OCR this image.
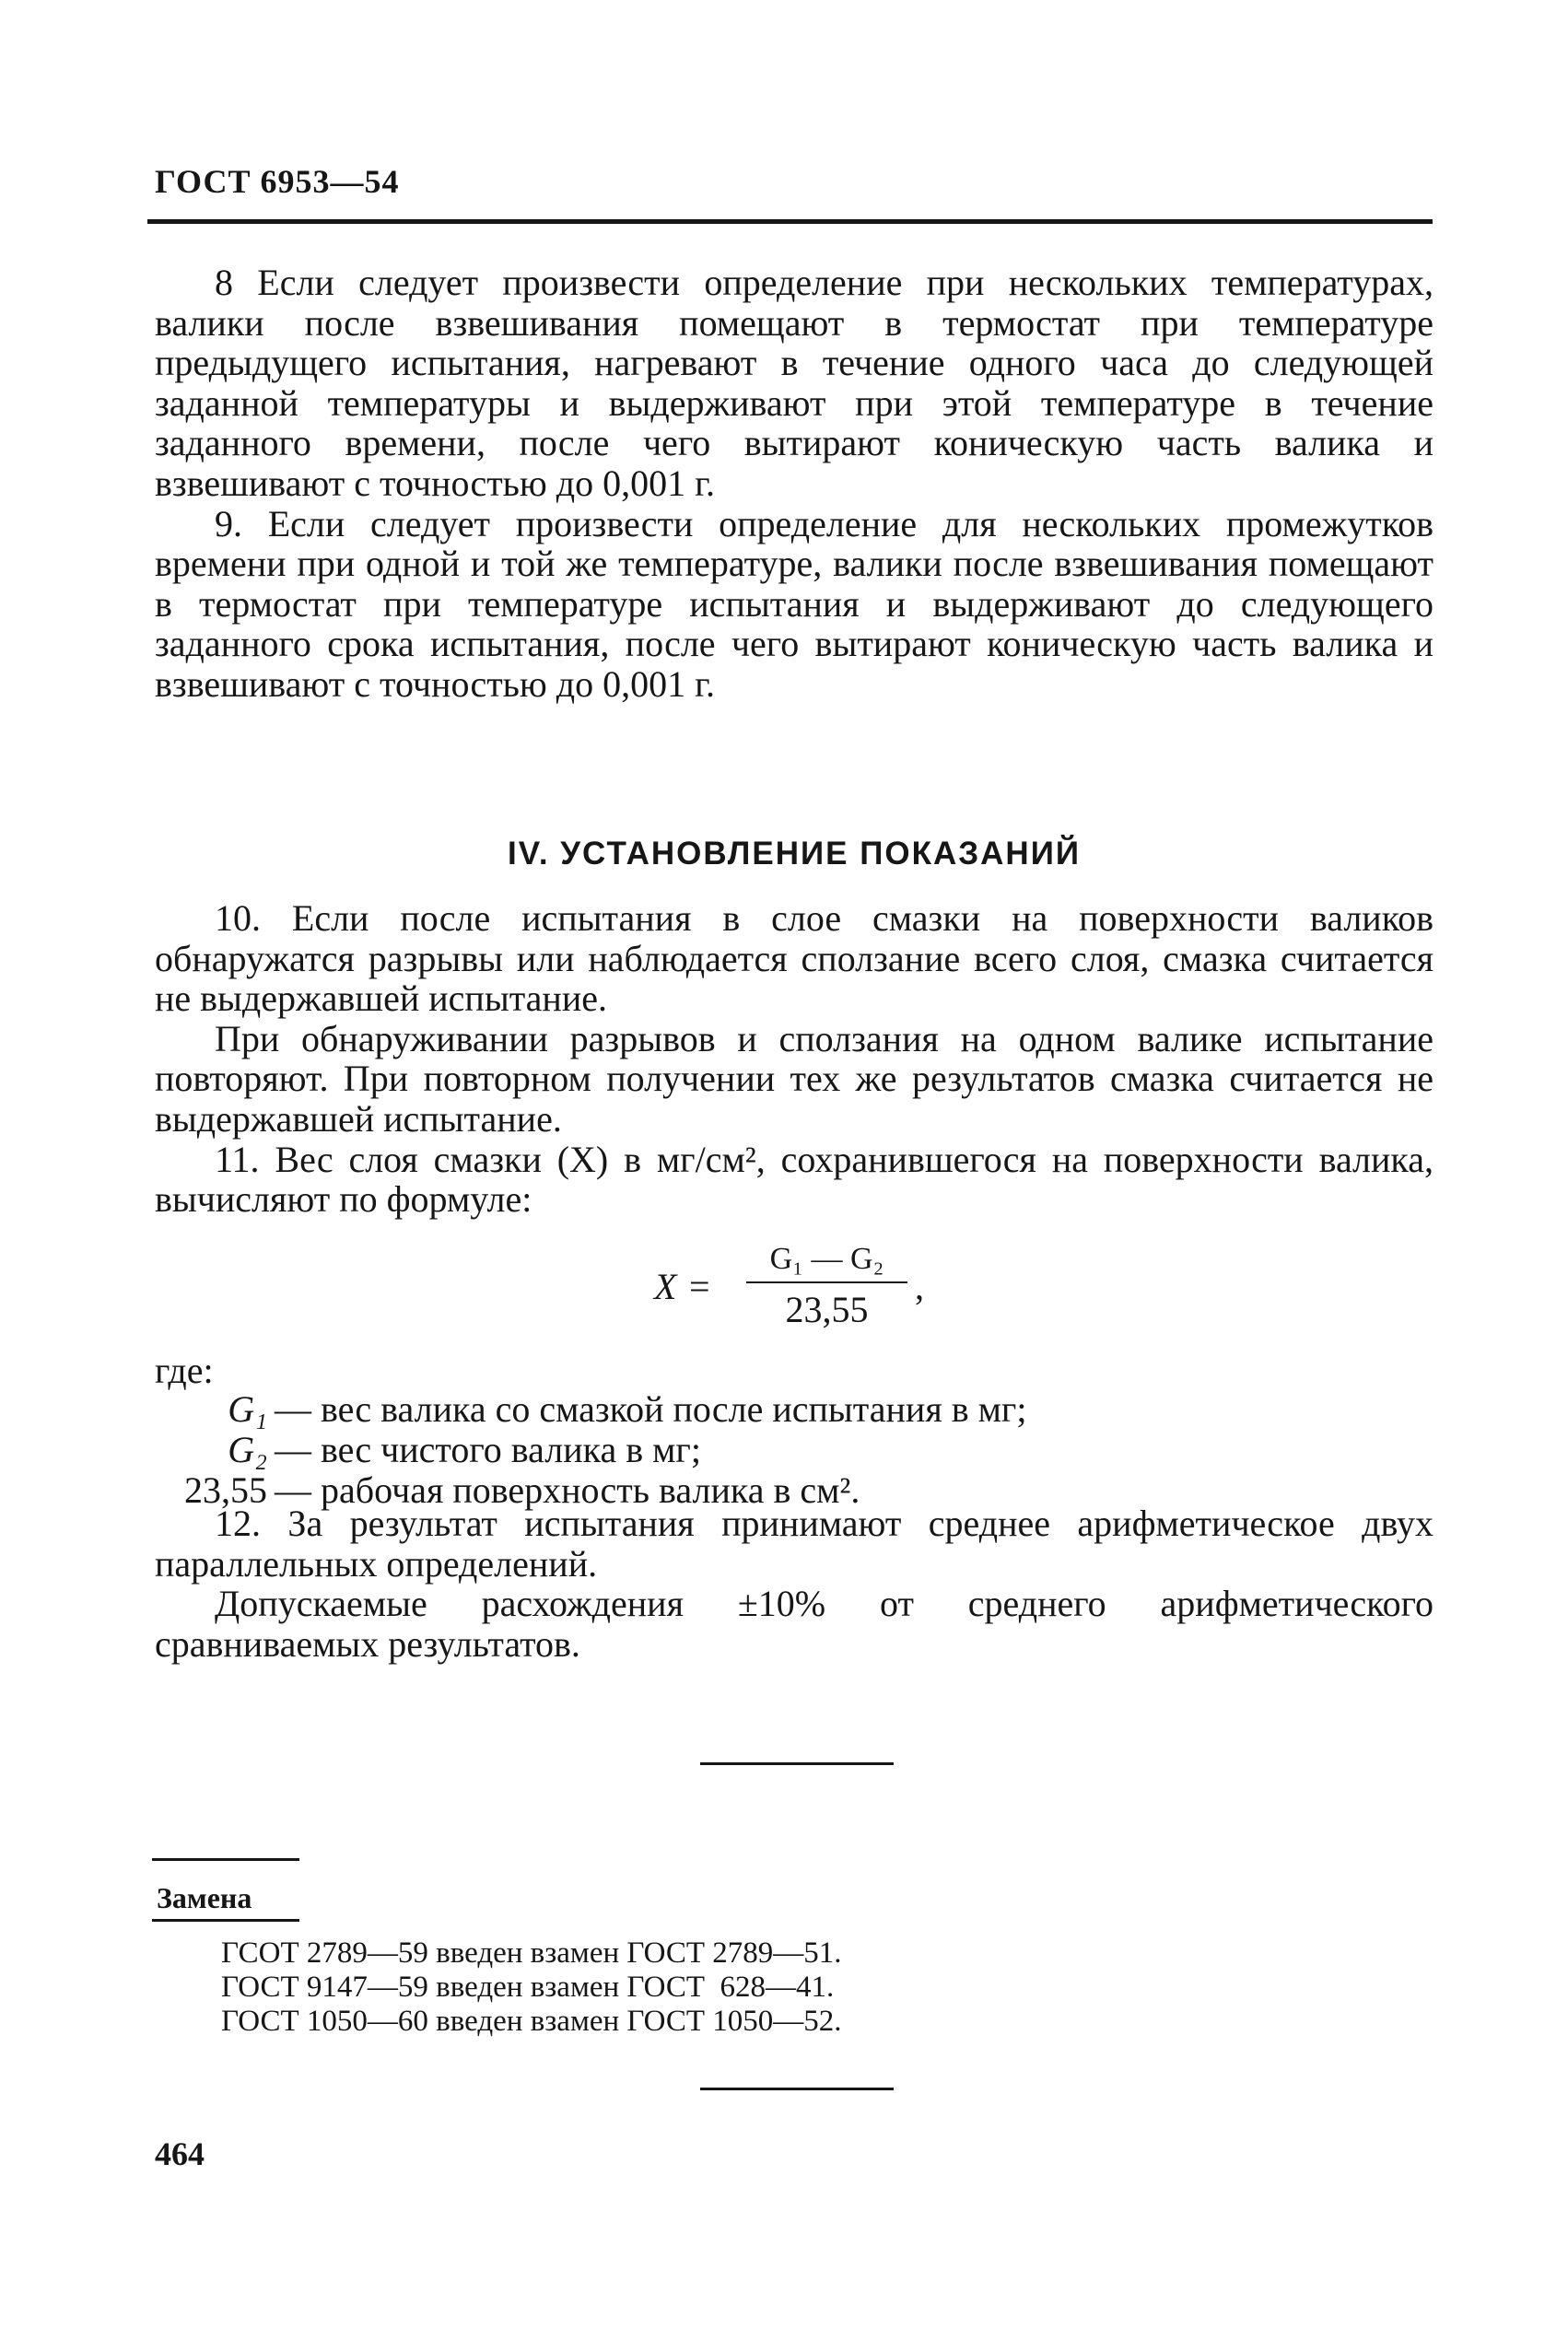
ГОСТ 6953—54

8 Если следует произвести определение при нескольких температурах, валики после взвешивания помещают в термостат при температуре предыдущего испытания, нагревают в течение одного часа до следующей заданной температуры и выдерживают при этой температуре в течение заданного времени, после чего вытирают коническую часть валика и взвешивают с точностью до 0,001 г.

9. Если следует произвести определение для нескольких промежутков времени при одной и той же температуре, валики после взвешивания помещают в термостат при температуре испытания и выдерживают до следующего заданного срока испытания, после чего вытирают коническую часть валика и взвешивают с точностью до 0,001 г.

IV. УСТАНОВЛЕНИЕ ПОКАЗАНИЙ

10. Если после испытания в слое смазки на поверхности валиков обнаружатся разрывы или наблюдается сползание всего слоя, смазка считается не выдержавшей испытание.

При обнаруживании разрывов и сползания на одном валике испытание повторяют. При повторном получении тех же результатов смазка считается не выдержавшей испытание.

11. Вес слоя смазки (X) в мг/см², сохранившегося на поверхности валика, вычисляют по формуле:

X =
G₁ — G₂
23,55
,
где:
G₁ — вес валика со смазкой после испытания в мг;
G₂ — вес чистого валика в мг;
23,55 — рабочая поверхность валика в см².

12. За результат испытания принимают среднее арифметическое двух параллельных определений.

Допускаемые расхождения ±10% от среднего арифметического сравниваемых результатов.

Замена
ГСОТ 2789—59 введен взамен ГОСТ 2789—51.
ГОСТ 9147—59 введен взамен ГОСТ  628—41.
ГОСТ 1050—60 введен взамен ГОСТ 1050—52.
464
